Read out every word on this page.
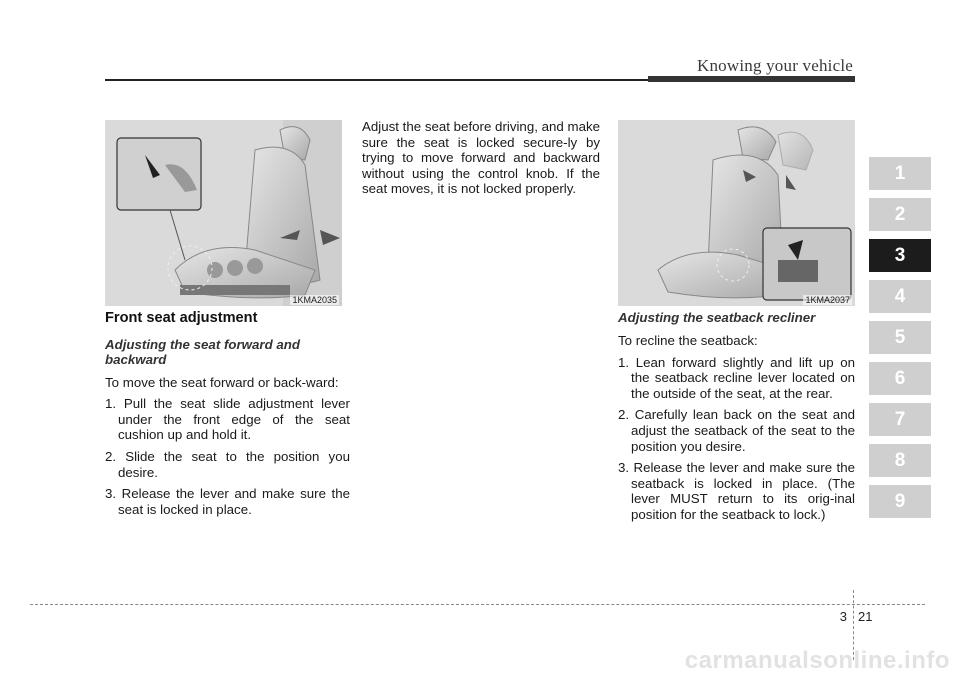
Knowing your vehicle
1KMA2035	1KMA2037
Front seat adjustment
Adjusting the seat forward and backward

To move the seat forward or back-ward:

1. Pull the seat slide adjustment lever under the front edge of the seat cushion up and hold it.
2. Slide the seat to the position you desire.
3. Release the lever and make sure the seat is locked in place.

Adjust the seat before driving, and make sure the seat is locked secure-ly by trying to move forward and backward without using the control knob. If the seat moves, it is not locked properly.

Adjusting the seatback recliner

To recline the seatback:

1. Lean forward slightly and lift up on the seatback recline lever located on the outside of the seat, at the rear.
2. Carefully lean back on the seat and adjust the seatback of the seat to the position you desire.
3. Release the lever and make sure the seatback is locked in place. (The lever MUST return to its orig-inal position for the seatback to lock.)
1
2
3
4
5
6
7
8
9
3 21
carmanualsonline.info
